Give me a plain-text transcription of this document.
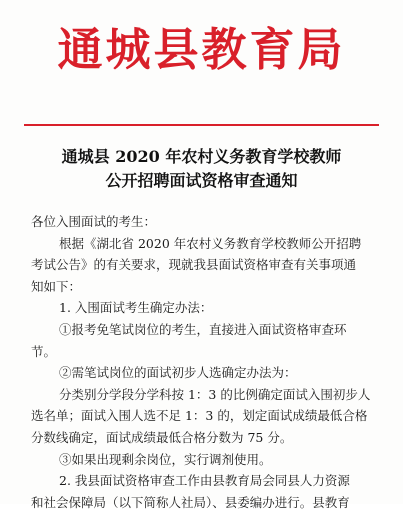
通城县教育局
通城县 2020 年农村义务教育学校教师
公开招聘面试资格审查通知

各位入围面试的考生：

根据《湖北省 2020 年农村义务教育学校教师公开招聘

考试公告》的有关要求，现就我县面试资格审查有关事项通

知如下：

1. 入围面试考生确定办法：

①报考免笔试岗位的考生，直接进入面试资格审查环

节。

②需笔试岗位的面试初步人选确定办法为：

分类别分学段分学科按 1：3 的比例确定面试入围初步人

选名单；面试入围人选不足 1：3 的，划定面试成绩最低合格

分数线确定，面试成绩最低合格分数为 75 分。

③如果出现剩余岗位，实行调剂使用。

2. 我县面试资格审查工作由县教育局会同县人力资源

和社会保障局（以下简称人社局）、县委编办进行。县教育
